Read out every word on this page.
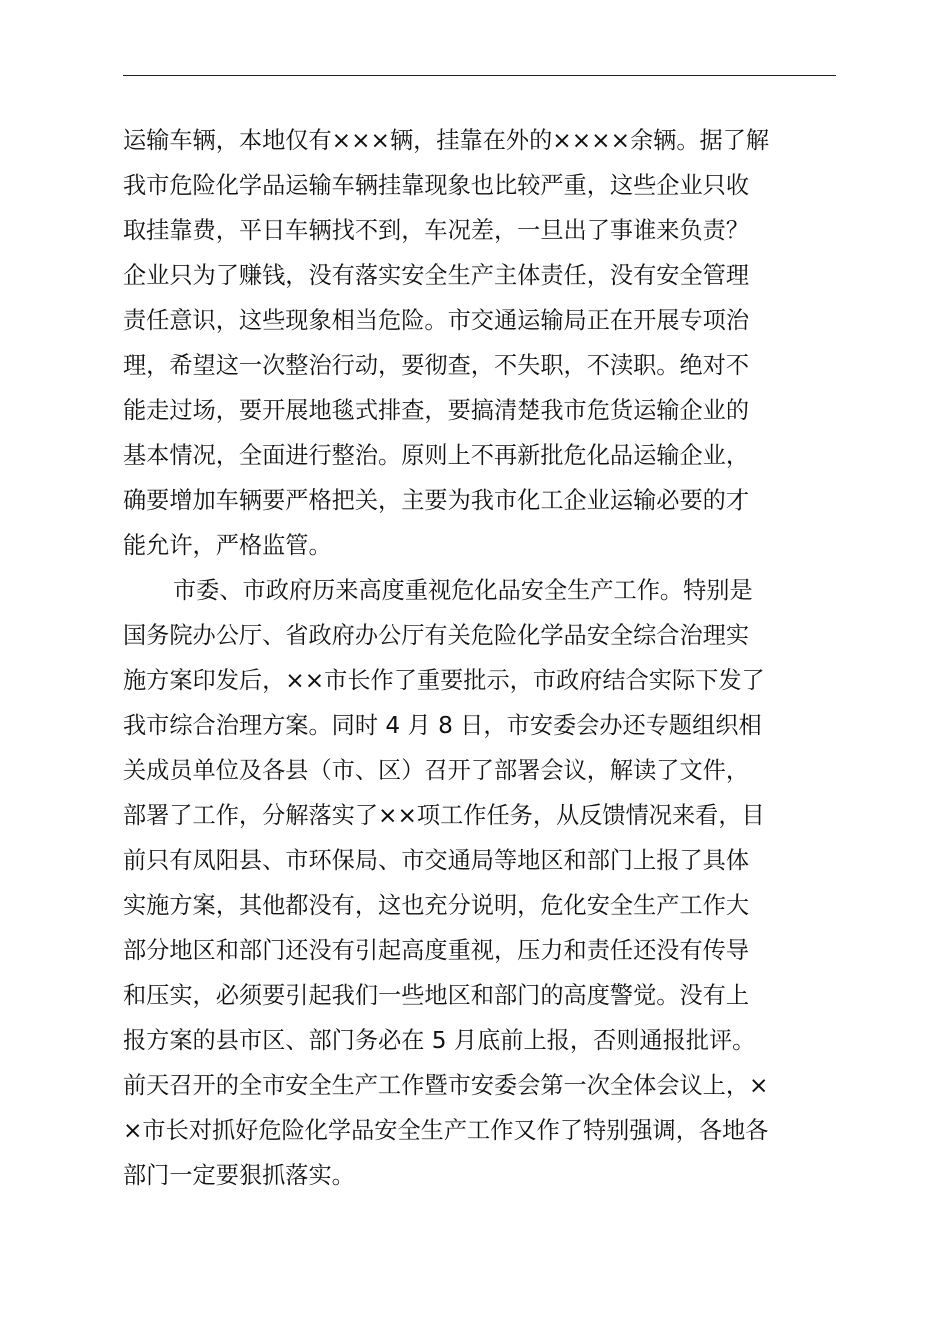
运输车辆，本地仅有×××辆，挂靠在外的××××余辆。据了解
我市危险化学品运输车辆挂靠现象也比较严重，这些企业只收
取挂靠费，平日车辆找不到，车况差，一旦出了事谁来负责？
企业只为了赚钱，没有落实安全生产主体责任，没有安全管理
责任意识，这些现象相当危险。市交通运输局正在开展专项治
理，希望这一次整治行动，要彻查，不失职，不渎职。绝对不
能走过场，要开展地毯式排查，要搞清楚我市危货运输企业的
基本情况，全面进行整治。原则上不再新批危化品运输企业，
确要增加车辆要严格把关，主要为我市化工企业运输必要的才
能允许，严格监管。
市委、市政府历来高度重视危化品安全生产工作。特别是
国务院办公厅、省政府办公厅有关危险化学品安全综合治理实
施方案印发后，××市长作了重要批示，市政府结合实际下发了
我市综合治理方案。同时 4 月 8 日，市安委会办还专题组织相
关成员单位及各县（市、区）召开了部署会议，解读了文件，
部署了工作，分解落实了××项工作任务，从反馈情况来看，目
前只有凤阳县、市环保局、市交通局等地区和部门上报了具体
实施方案，其他都没有，这也充分说明，危化安全生产工作大
部分地区和部门还没有引起高度重视，压力和责任还没有传导
和压实，必须要引起我们一些地区和部门的高度警觉。没有上
报方案的县市区、部门务必在 5 月底前上报，否则通报批评。
前天召开的全市安全生产工作暨市安委会第一次全体会议上，×
×市长对抓好危险化学品安全生产工作又作了特别强调，各地各
部门一定要狠抓落实。
